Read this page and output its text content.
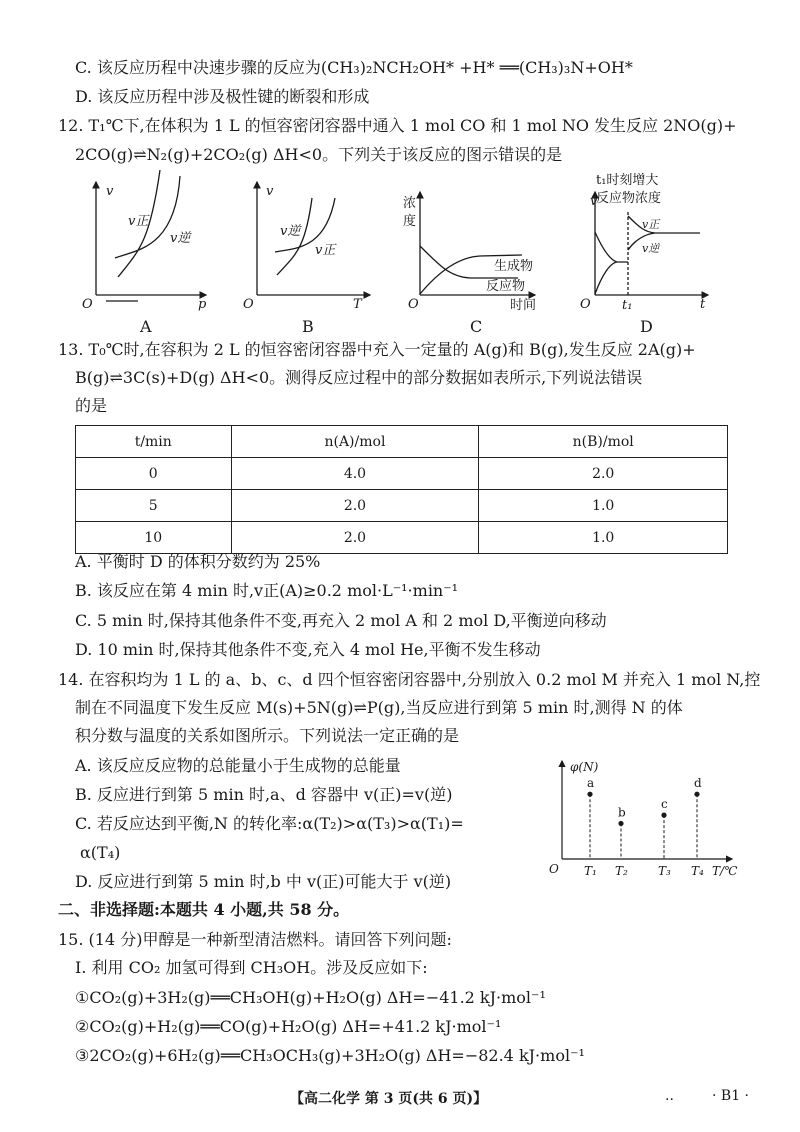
C. 该反应历程中决速步骤的反应为(CH₃)₂NCH₂OH* +H* ══(CH₃)₃N+OH*
D. 该反应历程中涉及极性键的断裂和形成
12. T₁℃下,在体积为 1 L 的恒容密闭容器中通入 1 mol CO 和 1 mol NO 发生反应 2NO(g)+
2CO(g)⇌N₂(g)+2CO₂(g) ΔH<0。下列关于该反应的图示错误的是
v
v正
v逆
O	p
A
v
v逆
v正
O	T
B
浓
度
生成物
反应物
O	时间
C
v
t₁时刻增大
反应物浓度
v正
v逆
O t₁	t
D
13. T₀℃时,在容积为 2 L 的恒容密闭容器中充入一定量的 A(g)和 B(g),发生反应 2A(g)+
B(g)⇌3C(s)+D(g) ΔH<0。测得反应过程中的部分数据如表所示,下列说法错误
的是
t/min	n(A)/mol	n(B)/mol
0	4.0	2.0
5	2.0	1.0
10	2.0	1.0
A. 平衡时 D 的体积分数约为 25%
B. 该反应在第 4 min 时,v正(A)≥0.2 mol·L⁻¹·min⁻¹
C. 5 min 时,保持其他条件不变,再充入 2 mol A 和 2 mol D,平衡逆向移动
D. 10 min 时,保持其他条件不变,充入 4 mol He,平衡不发生移动
14. 在容积均为 1 L 的 a、b、c、d 四个恒容密闭容器中,分别放入 0.2 mol M 并充入 1 mol N,控
制在不同温度下发生反应 M(s)+5N(g)⇌P(g),当反应进行到第 5 min 时,测得 N 的体
积分数与温度的关系如图所示。下列说法一定正确的是
A. 该反应反应物的总能量小于生成物的总能量
B. 反应进行到第 5 min 时,a、d 容器中 v(正)=v(逆)
C. 若反应达到平衡,N 的转化率:α(T₂)>α(T₃)>α(T₁)=
α(T₄)
D. 反应进行到第 5 min 时,b 中 v(正)可能大于 v(逆)
φ(N)
O	T/℃
a
T₁
b
T₂
c
T₃
d
T₄
二、非选择题:本题共 4 小题,共 58 分。
15. (14 分)甲醇是一种新型清洁燃料。请回答下列问题:
Ⅰ. 利用 CO₂ 加氢可得到 CH₃OH。涉及反应如下:
①CO₂(g)+3H₂(g)══CH₃OH(g)+H₂O(g) ΔH=−41.2 kJ·mol⁻¹
②CO₂(g)+H₂(g)══CO(g)+H₂O(g) ΔH=+41.2 kJ·mol⁻¹
③2CO₂(g)+6H₂(g)══CH₃OCH₃(g)+3H₂O(g) ΔH=−82.4 kJ·mol⁻¹
【高二化学 第 3 页(共 6 页)】	..	· B1 ·
